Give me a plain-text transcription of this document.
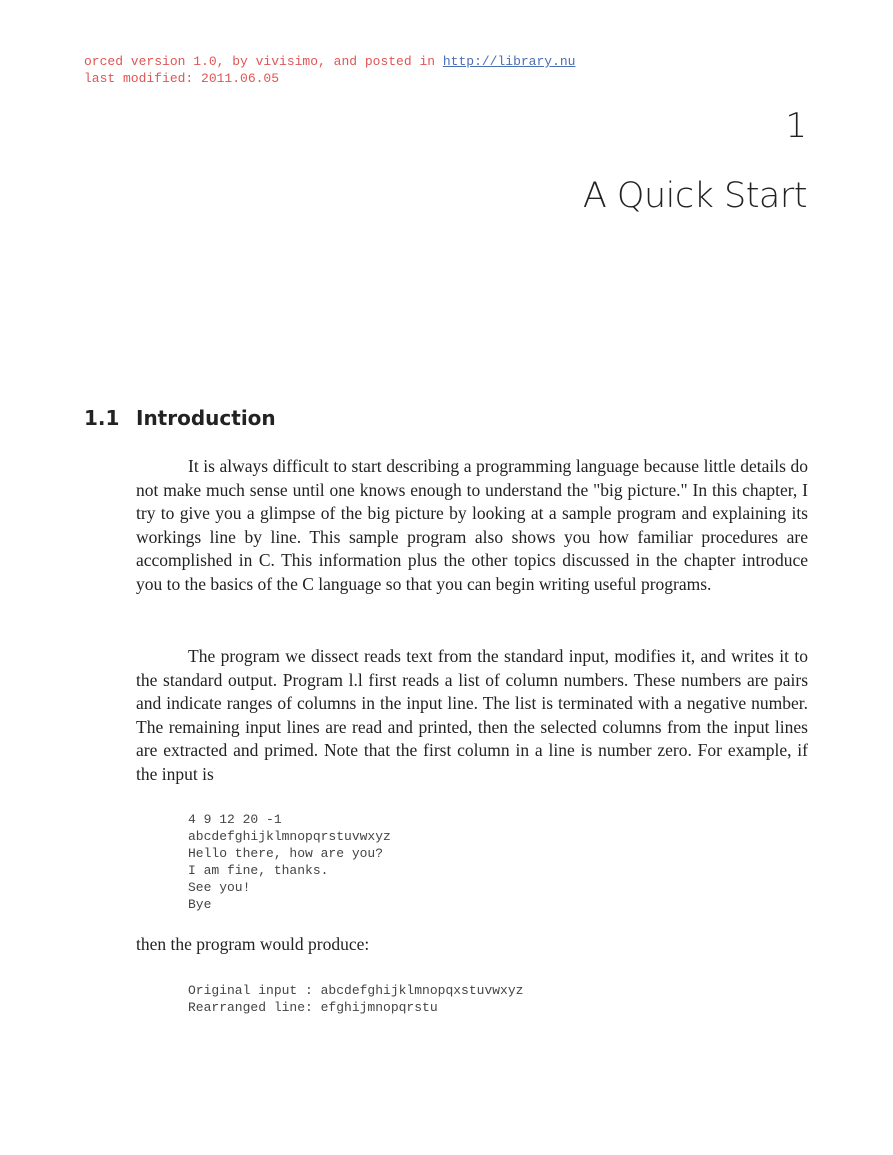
orced version 1.0, by vivisimo, and posted in http://library.nu
last modified: 2011.06.05
1
A Quick Start
1.1 Introduction

It is always difficult to start describing a programming language because little details do not make much sense until one knows enough to understand the "big picture." In this chapter, I try to give you a glimpse of the big picture by looking at a sample program and explaining its workings line by line. This sample program also shows you how familiar procedures are accomplished in C. This information plus the other topics discussed in the chapter introduce you to the basics of the C language so that you can begin writing useful programs.

The program we dissect reads text from the standard input, modifies it, and writes it to the standard output. Program l.l first reads a list of column numbers. These numbers are pairs and indicate ranges of columns in the input line. The list is terminated with a negative number. The remaining input lines are read and printed, then the selected columns from the input lines are extracted and primed. Note that the first column in a line is number zero. For example, if the input is

4 9 12 20 -1
abcdefghijklmnopqrstuvwxyz
Hello there, how are you?
I am fine, thanks.
See you!
Bye

then the program would produce:

Original input : abcdefghijklmnopqxstuvwxyz
Rearranged line: efghijmnopqrstu
